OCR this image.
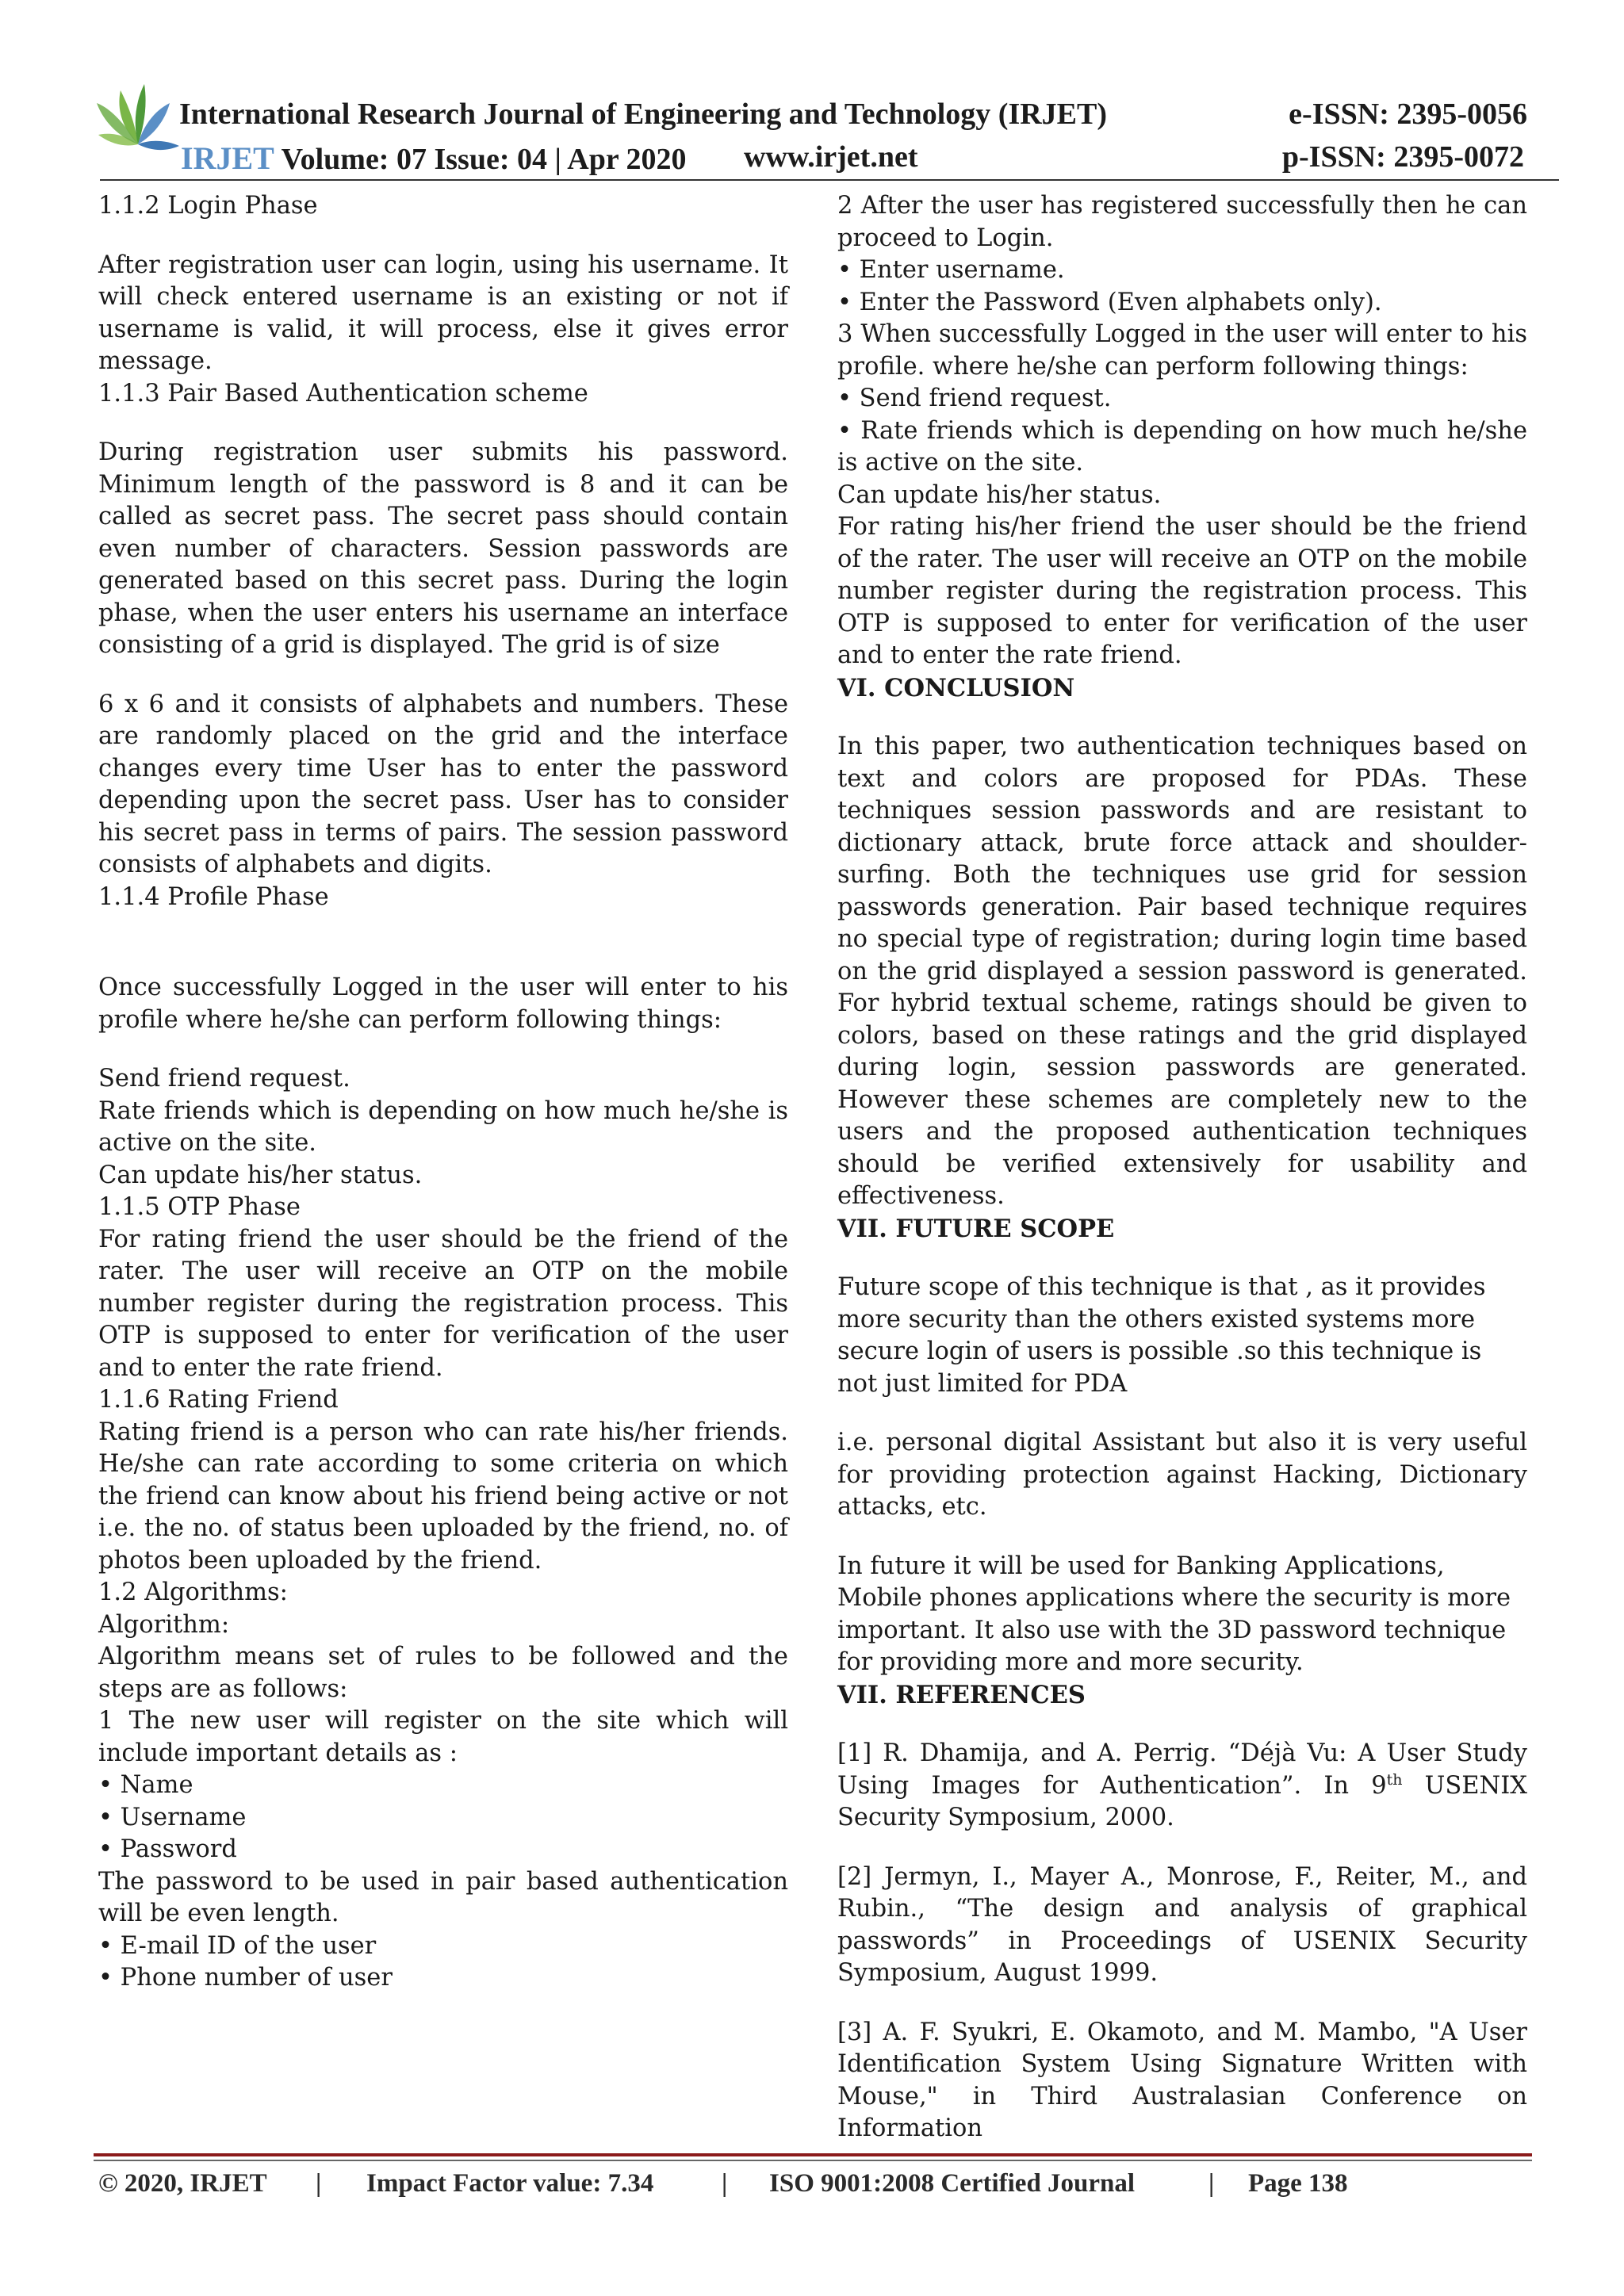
International Research Journal of Engineering and Technology (IRJET)	e-ISSN: 2395-0056
IRJET Volume: 07 Issue: 04 | Apr 2020 www.irjet.net	p-ISSN: 2395-0072

1.1.2 Login Phase

After registration user can login, using his username. It will check entered username is an existing or not if username is valid, it will process, else it gives error message.

1.1.3 Pair Based Authentication scheme

During registration user submits his password. Minimum length of the password is 8 and it can be called as secret pass. The secret pass should contain even number of characters. Session passwords are generated based on this secret pass. During the login phase, when the user enters his username an interface consisting of a grid is displayed. The grid is of size

6 x 6 and it consists of alphabets and numbers. These are randomly placed on the grid and the interface changes every time User has to enter the password depending upon the secret pass. User has to consider his secret pass in terms of pairs. The session password consists of alphabets and digits.

1.1.4 Profile Phase

Once successfully Logged in the user will enter to his profile where he/she can perform following things:

Send friend request.

Rate friends which is depending on how much he/she is active on the site.

Can update his/her status.

1.1.5 OTP Phase

For rating friend the user should be the friend of the rater. The user will receive an OTP on the mobile number register during the registration process. This OTP is supposed to enter for verification of the user and to enter the rate friend.

1.1.6 Rating Friend

Rating friend is a person who can rate his/her friends. He/she can rate according to some criteria on which the friend can know about his friend being active or not i.e. the no. of status been uploaded by the friend, no. of photos been uploaded by the friend.

1.2 Algorithms:

Algorithm:

Algorithm means set of rules to be followed and the steps are as follows:

1 The new user will register on the site which will include important details as :

• Name

• Username

• Password

The password to be used in pair based authentication will be even length.

• E-mail ID of the user

• Phone number of user

2 After the user has registered successfully then he can proceed to Login.

• Enter username.

• Enter the Password (Even alphabets only).

3 When successfully Logged in the user will enter to his profile. where he/she can perform following things:

• Send friend request.

• Rate friends which is depending on how much he/she is active on the site.

Can update his/her status.

For rating his/her friend the user should be the friend of the rater. The user will receive an OTP on the mobile number register during the registration process. This OTP is supposed to enter for verification of the user and to enter the rate friend.

VI. CONCLUSION

In this paper, two authentication techniques based on text and colors are proposed for PDAs. These techniques session passwords and are resistant to dictionary attack, brute force attack and shoulder-surfing. Both the techniques use grid for session passwords generation. Pair based technique requires no special type of registration; during login time based on the grid displayed a session password is generated. For hybrid textual scheme, ratings should be given to colors, based on these ratings and the grid displayed during login, session passwords are generated. However these schemes are completely new to the users and the proposed authentication techniques should be verified extensively for usability and effectiveness.

VII. FUTURE SCOPE

Future scope of this technique is that , as it provides more security than the others existed systems more secure login of users is possible .so this technique is not just limited for PDA

i.e. personal digital Assistant but also it is very useful for providing protection against Hacking, Dictionary attacks, etc.

In future it will be used for Banking Applications, Mobile phones applications where the security is more important. It also use with the 3D password technique for providing more and more security.

VII. REFERENCES

[1] R. Dhamija, and A. Perrig. “Déjà Vu: A User Study Using Images for Authentication”. In 9th USENIX Security Symposium, 2000.

[2] Jermyn, I., Mayer A., Monrose, F., Reiter, M., and Rubin., “The design and analysis of graphical passwords” in Proceedings of USENIX Security Symposium, August 1999.

[3] A. F. Syukri, E. Okamoto, and M. Mambo, "A User Identification System Using Signature Written with Mouse," in Third Australasian Conference on Information

© 2020, IRJET | Impact Factor value: 7.34	| ISO 9001:2008 Certified Journal	| Page 138
